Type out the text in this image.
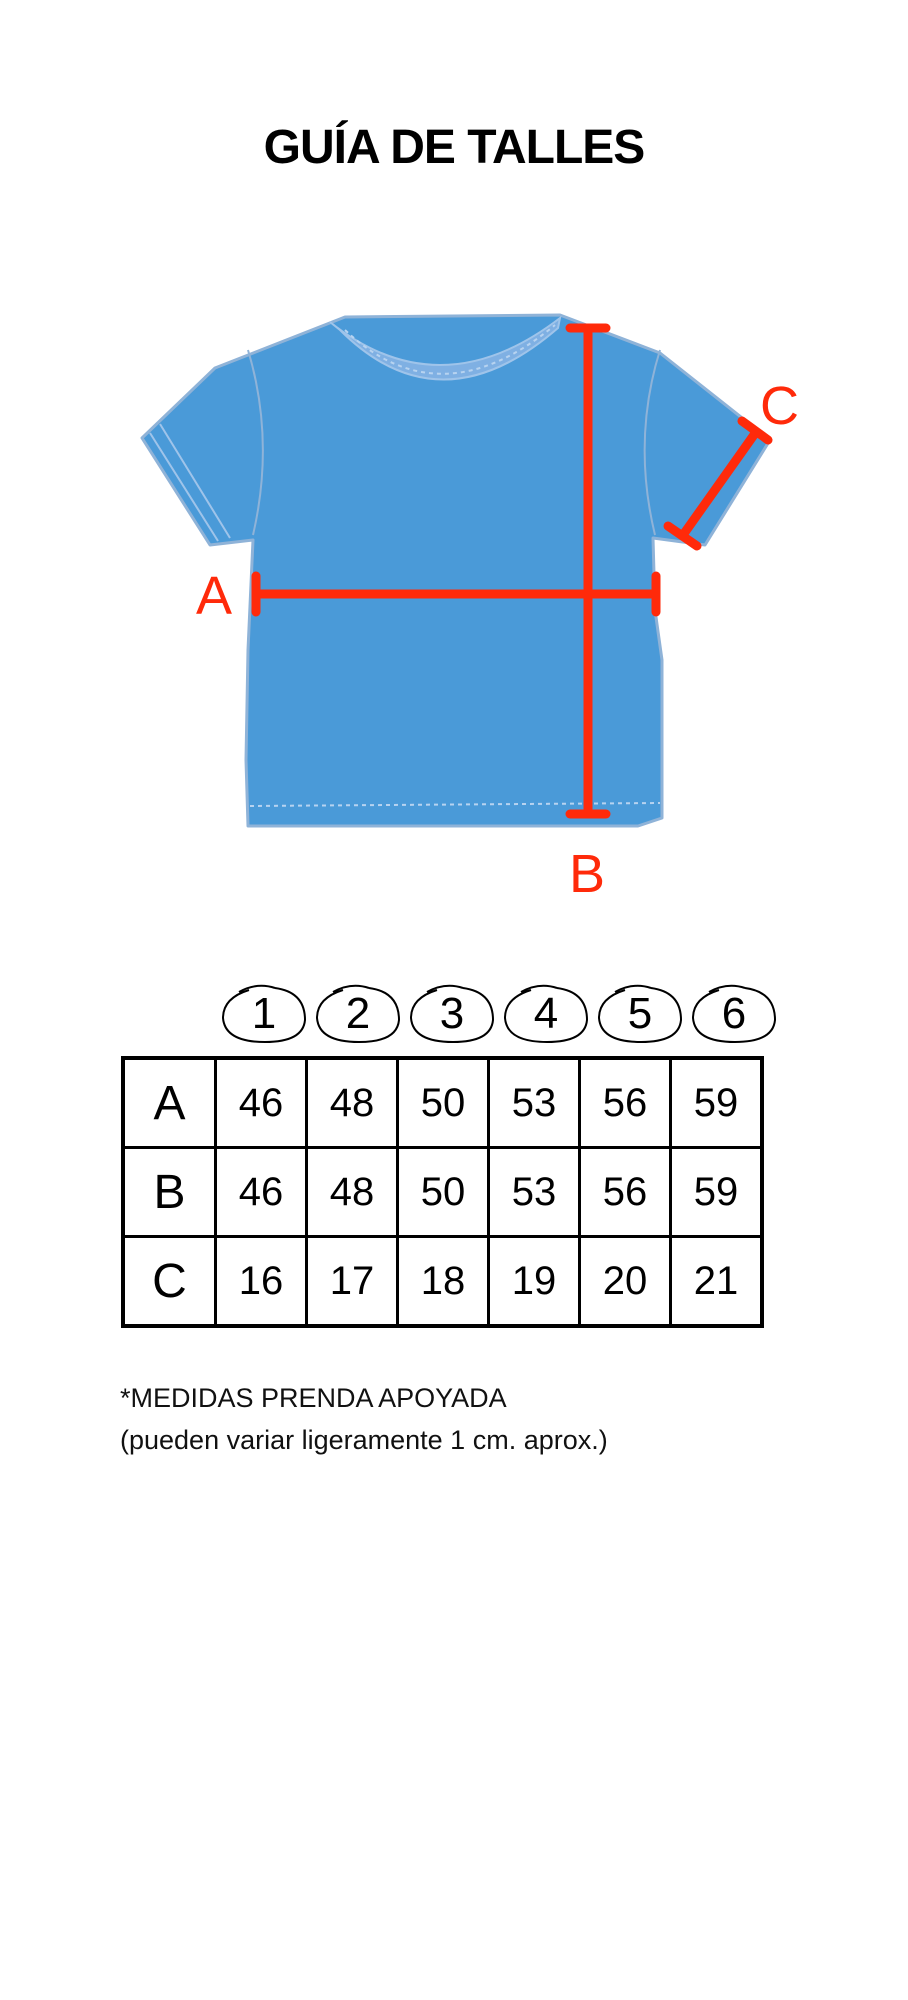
GUÍA DE TALLES
A
B
C
1	2	3	4	5	6
A	46	48	50	53	56	59
B	46	48	50	53	56	59
C	16	17	18	19	20	21
*MEDIDAS PRENDA APOYADA
(pueden variar ligeramente 1 cm. aprox.)
